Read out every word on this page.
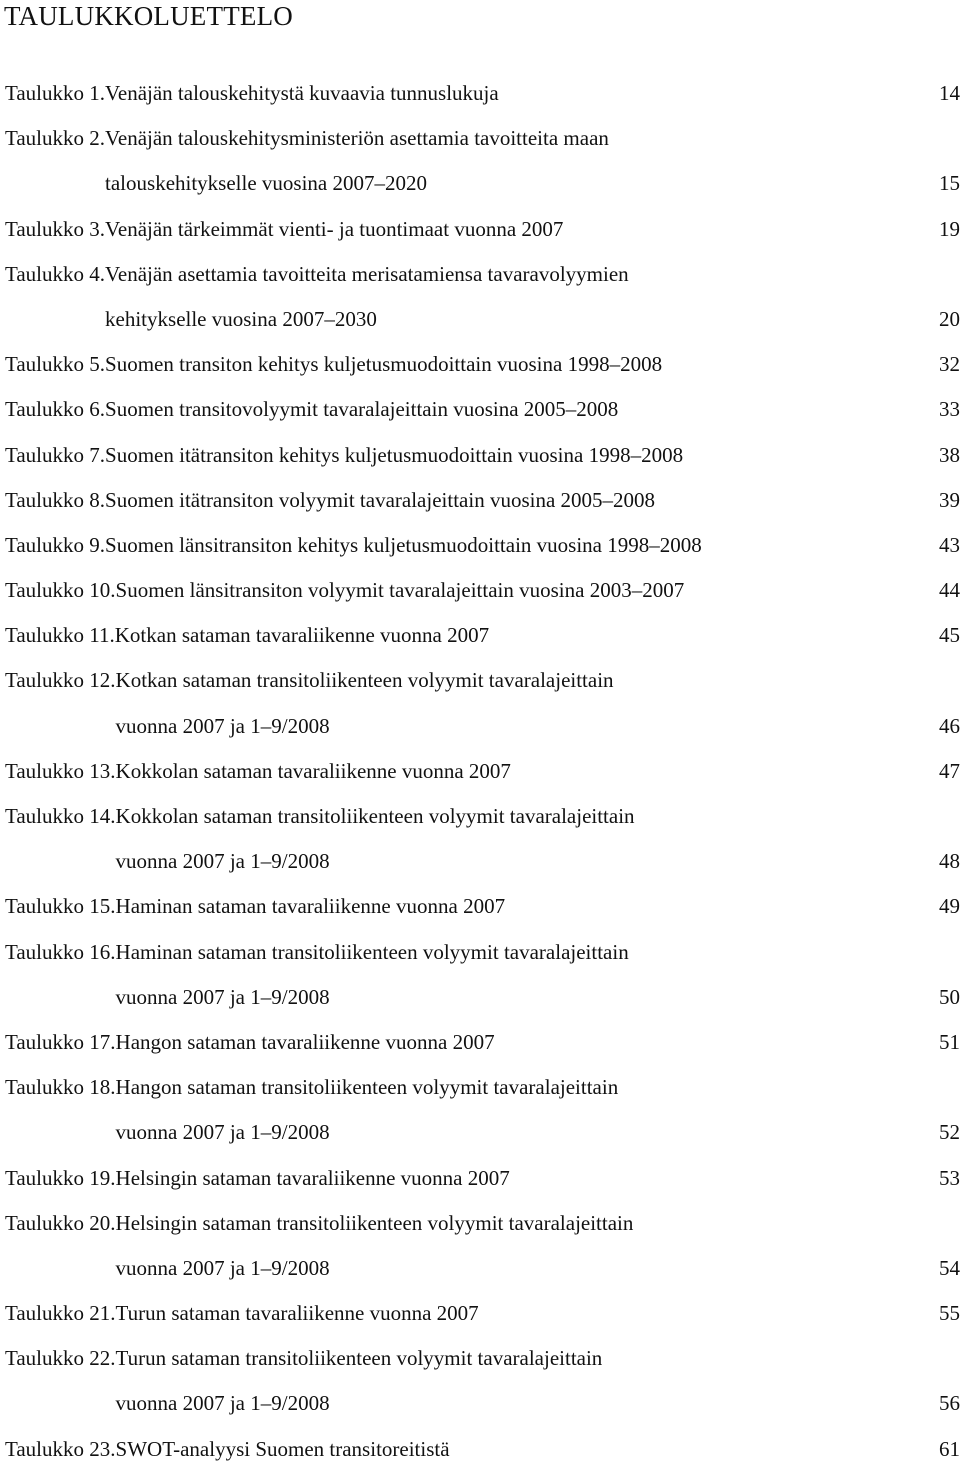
TAULUKKOLUETTELO
Taulukko 1. Venäjän talouskehitystä kuvaavia tunnuslukuja	14
Taulukko 2. Venäjän talouskehitysministeriön asettamia tavoitteita maan
talouskehitykselle vuosina 2007–2020	15
Taulukko 3. Venäjän tärkeimmät vienti- ja tuontimaat vuonna 2007	19
Taulukko 4. Venäjän asettamia tavoitteita merisatamiensa tavaravolyymien
kehitykselle vuosina 2007–2030	20
Taulukko 5. Suomen transiton kehitys kuljetusmuodoittain vuosina 1998–2008	32
Taulukko 6. Suomen transitovolyymit tavaralajeittain vuosina 2005–2008	33
Taulukko 7. Suomen itätransiton kehitys kuljetusmuodoittain vuosina 1998–2008	38
Taulukko 8. Suomen itätransiton volyymit tavaralajeittain vuosina 2005–2008	39
Taulukko 9. Suomen länsitransiton kehitys kuljetusmuodoittain vuosina 1998–2008	43
Taulukko 10. Suomen länsitransiton volyymit tavaralajeittain vuosina 2003–2007	44
Taulukko 11. Kotkan sataman tavaraliikenne vuonna 2007	45
Taulukko 12. Kotkan sataman transitoliikenteen volyymit tavaralajeittain
vuonna 2007 ja 1–9/2008	46
Taulukko 13. Kokkolan sataman tavaraliikenne vuonna 2007	47
Taulukko 14. Kokkolan sataman transitoliikenteen volyymit tavaralajeittain
vuonna 2007 ja 1–9/2008	48
Taulukko 15. Haminan sataman tavaraliikenne vuonna 2007	49
Taulukko 16. Haminan sataman transitoliikenteen volyymit tavaralajeittain
vuonna 2007 ja 1–9/2008	50
Taulukko 17. Hangon sataman tavaraliikenne vuonna 2007	51
Taulukko 18. Hangon sataman transitoliikenteen volyymit tavaralajeittain
vuonna 2007 ja 1–9/2008	52
Taulukko 19. Helsingin sataman tavaraliikenne vuonna 2007	53
Taulukko 20. Helsingin sataman transitoliikenteen volyymit tavaralajeittain
vuonna 2007 ja 1–9/2008	54
Taulukko 21. Turun sataman tavaraliikenne vuonna 2007	55
Taulukko 22. Turun sataman transitoliikenteen volyymit tavaralajeittain
vuonna 2007 ja 1–9/2008	56
Taulukko 23. SWOT-analyysi Suomen transitoreitistä	61
